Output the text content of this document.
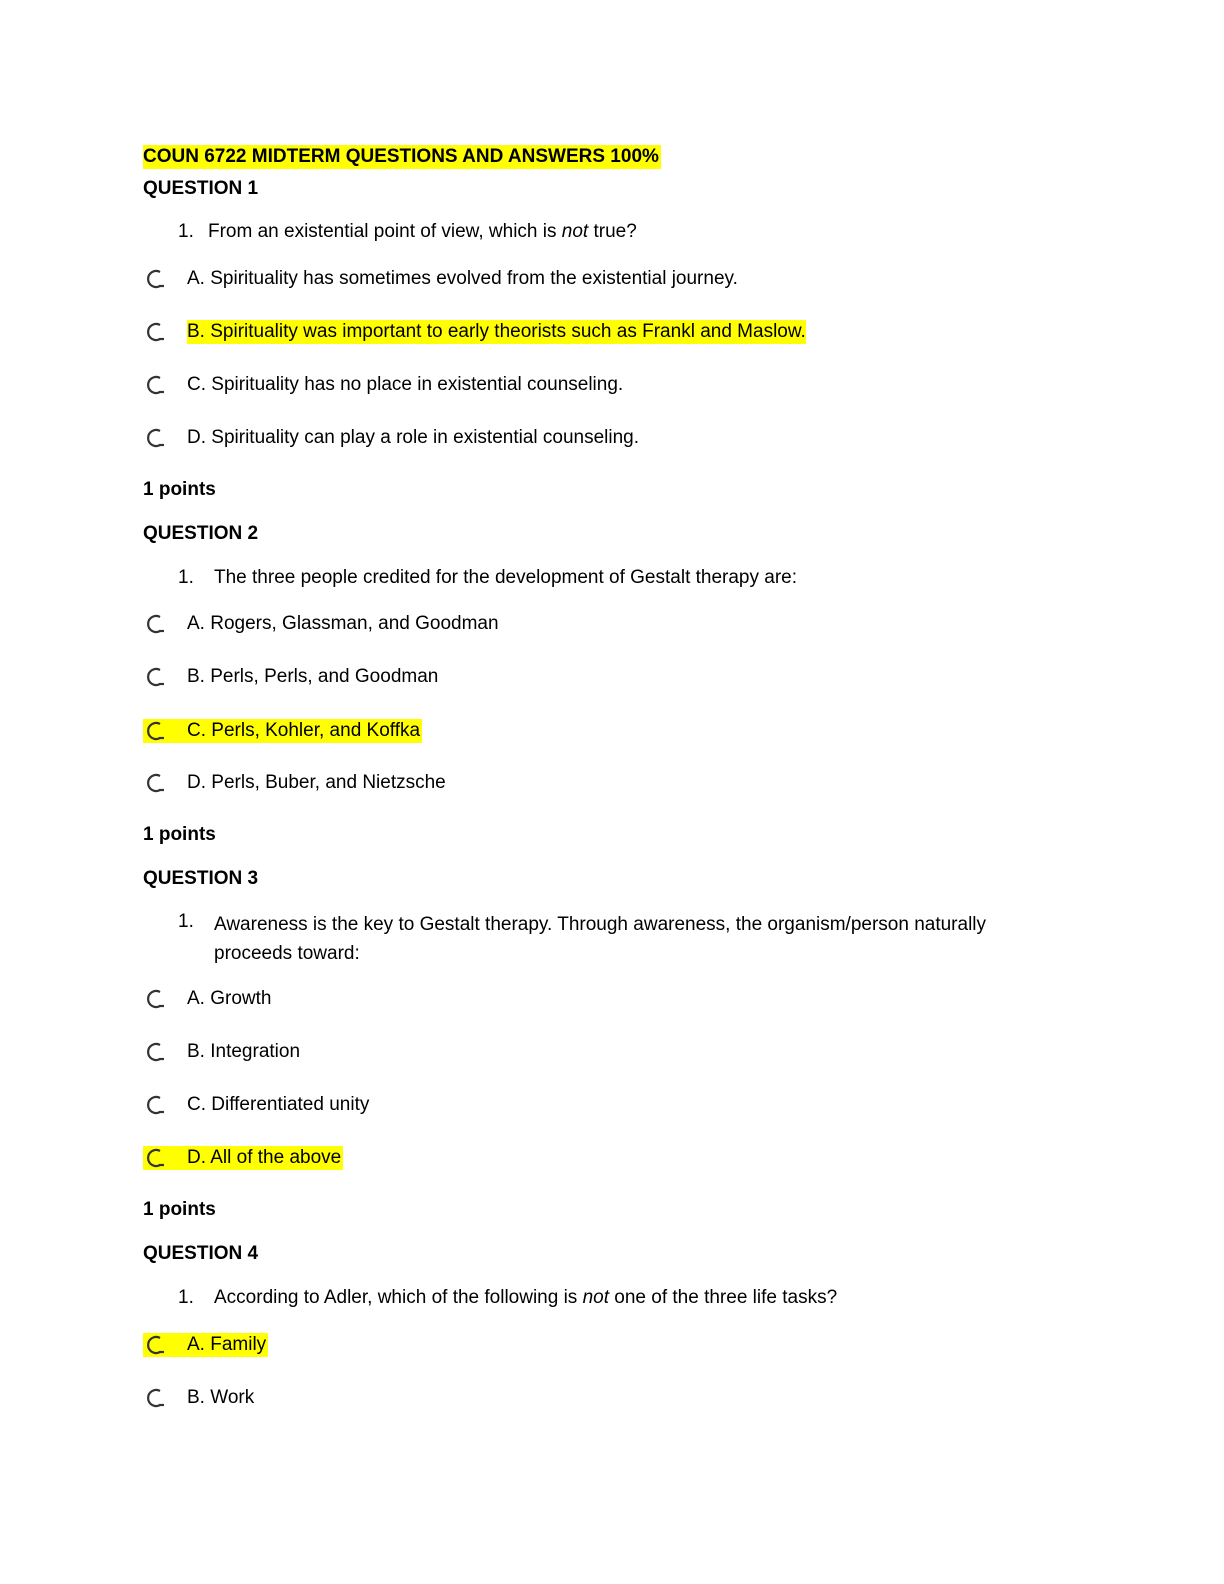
COUN 6722 MIDTERM QUESTIONS AND ANSWERS 100%
QUESTION 1
1. From an existential point of view, which is not true?
A. Spirituality has sometimes evolved from the existential journey.
B. Spirituality was important to early theorists such as Frankl and Maslow.
C. Spirituality has no place in existential counseling.
D. Spirituality can play a role in existential counseling.
1 points
QUESTION 2
1. The three people credited for the development of Gestalt therapy are:
A. Rogers, Glassman, and Goodman
B. Perls, Perls, and Goodman
C. Perls, Kohler, and Koffka
D. Perls, Buber, and Nietzsche
1 points
QUESTION 3
1.	Awareness is the key to Gestalt therapy. Through awareness, the organism/person naturally proceeds toward:
A. Growth
B. Integration
C. Differentiated unity
D. All of the above
1 points
QUESTION 4
1. According to Adler, which of the following is not one of the three life tasks?
A. Family
B. Work
